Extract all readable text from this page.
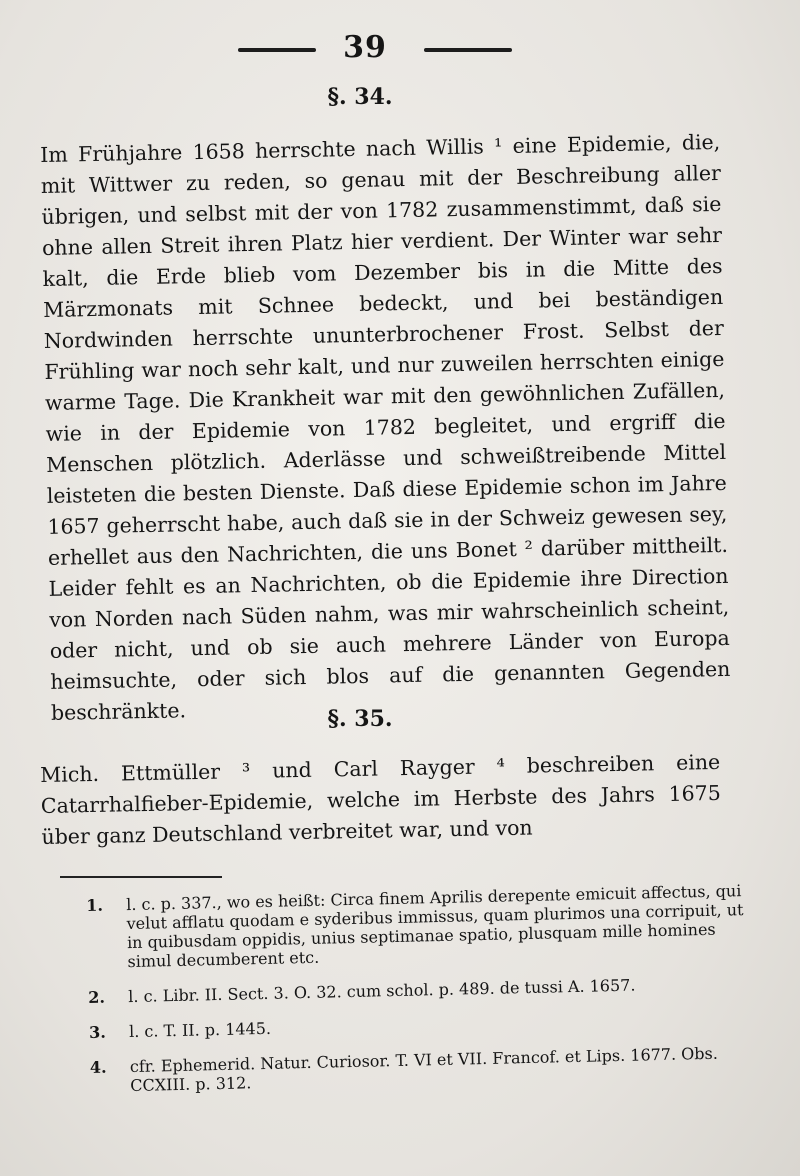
39
§. 34.

Im Frühjahre 1658 herrschte nach Willis ¹ eine Epidemie, die, mit Wittwer zu reden, so genau mit der Beschreibung aller übrigen, und selbst mit der von 1782 zusammenstimmt, daß sie ohne allen Streit ihren Platz hier verdient. Der Winter war sehr kalt, die Erde blieb vom Dezember bis in die Mitte des Märzmonats mit Schnee bedeckt, und bei beständigen Nordwinden herrschte ununterbrochener Frost. Selbst der Frühling war noch sehr kalt, und nur zuweilen herrschten einige warme Tage. Die Krankheit war mit den gewöhnlichen Zufällen, wie in der Epidemie von 1782 begleitet, und ergriff die Menschen plötzlich. Aderlässe und schweißtreibende Mittel leisteten die besten Dienste. Daß diese Epidemie schon im Jahre 1657 geherrscht habe, auch daß sie in der Schweiz gewesen sey, erhellet aus den Nachrichten, die uns Bonet ² darüber mittheilt. Leider fehlt es an Nachrichten, ob die Epidemie ihre Direction von Norden nach Süden nahm, was mir wahrscheinlich scheint, oder nicht, und ob sie auch mehrere Länder von Europa heimsuchte, oder sich blos auf die genannten Gegenden beschränkte.	§. 35.

Mich. Ettmüller ³ und Carl Rayger ⁴ beschreiben eine Catarrhalfieber-Epidemie, welche im Herbste des Jahrs 1675 über ganz Deutschland verbreitet war, und von

1.	l. c. p. 337., wo es heißt: Circa finem Aprilis derepente emicuit affectus, qui velut afflatu quodam e syderibus immissus, quam plurimos una corripuit, ut in quibusdam oppidis, unius septimanae spatio, plusquam mille homines simul decumberent etc.
2.	l. c. Libr. II. Sect. 3. O. 32. cum schol. p. 489. de tussi A. 1657.
3.	l. c. T. II. p. 1445.
4.	cfr. Ephemerid. Natur. Curiosor. T. VI et VII. Francof. et Lips. 1677. Obs. CCXIII. p. 312.
